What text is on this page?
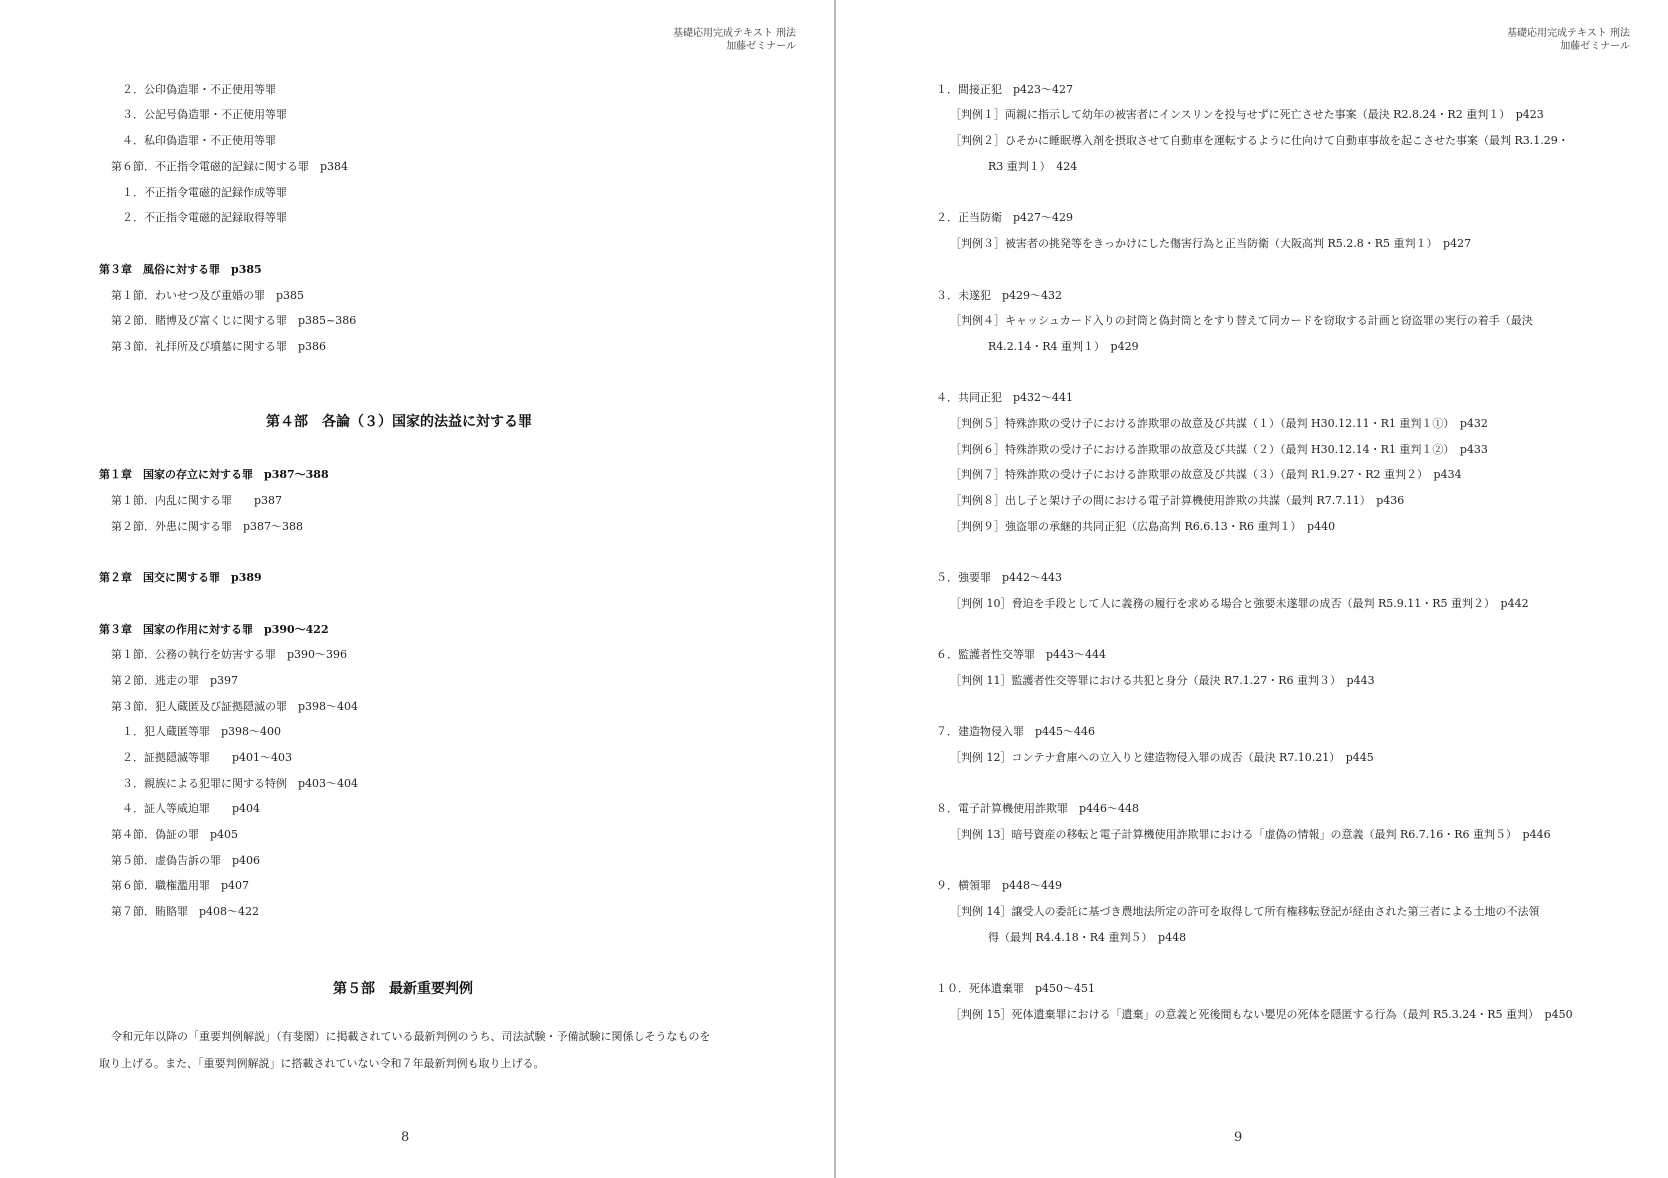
基礎応用完成テキスト 刑法
加藤ゼミナール
２．公印偽造罪・不正使用等罪
３．公記号偽造罪・不正使用等罪
４．私印偽造罪・不正使用等罪
第６節．不正指令電磁的記録に関する罪　p384
１．不正指令電磁的記録作成等罪
２．不正指令電磁的記録取得等罪
第３章　風俗に対する罪　p385
第１節．わいせつ及び重婚の罪　p385
第２節．賭博及び富くじに関する罪　p385~386
第３節．礼拝所及び墳墓に関する罪　p386
第４部　各論（３）国家的法益に対する罪
第１章　国家の存立に対する罪　p387～388
第１節．内乱に関する罪　　p387
第２節．外患に関する罪　p387～388
第２章　国交に関する罪　p389
第３章　国家の作用に対する罪　p390～422
第１節．公務の執行を妨害する罪　p390～396
第２節．逃走の罪　p397
第３節．犯人蔵匿及び証拠隠滅の罪　p398～404
１．犯人蔵匿等罪　p398～400
２．証拠隠滅等罪　　p401～403
３．親族による犯罪に関する特例　p403～404
４．証人等威迫罪　　p404
第４節．偽証の罪　p405
第５節．虚偽告訴の罪　p406
第６節．職権濫用罪　p407
第７節．賄賂罪　p408～422
第５部　最新重要判例
令和元年以降の「重要判例解説」（有斐閣）に掲載されている最新判例のうち、司法試験・予備試験に関係しそうなものを
取り上げる。また、「重要判例解説」に搭載されていない令和７年最新判例も取り上げる。
8
基礎応用完成テキスト 刑法
加藤ゼミナール
１．間接正犯　p423～427
［判例１］両親に指示して幼年の被害者にインスリンを投与せずに死亡させた事案（最決 R2.8.24・R2 重判１）　p423
［判例２］ひそかに睡眠導入剤を摂取させて自動車を運転するように仕向けて自動車事故を起こさせた事案（最判 R3.1.29・
R3 重判１）　424
２．正当防衛　p427～429
［判例３］被害者の挑発等をきっかけにした傷害行為と正当防衛（大阪高判 R5.2.8・R5 重判１）　p427
３．未遂犯　p429～432
［判例４］キャッシュカード入りの封筒と偽封筒とをすり替えて同カードを窃取する計画と窃盗罪の実行の着手（最決
R4.2.14・R4 重判１）　p429
４．共同正犯　p432～441
［判例５］特殊詐欺の受け子における詐欺罪の故意及び共謀（１）（最判 H30.12.11・R1 重判１①）　p432
［判例６］特殊詐欺の受け子における詐欺罪の故意及び共謀（２）（最判 H30.12.14・R1 重判１②）　p433
［判例７］特殊詐欺の受け子における詐欺罪の故意及び共謀（３）（最判 R1.9.27・R2 重判２）　p434
［判例８］出し子と架け子の間における電子計算機使用詐欺の共謀（最判 R7.7.11）　p436
［判例９］強盗罪の承継的共同正犯（広島高判 R6.6.13・R6 重判１）　p440
５．強要罪　p442～443
［判例 10］脅迫を手段として人に義務の履行を求める場合と強要未遂罪の成否（最判 R5.9.11・R5 重判２）　p442
６．監護者性交等罪　p443～444
［判例 11］監護者性交等罪における共犯と身分（最決 R7.1.27・R6 重判３）　p443
７．建造物侵入罪　p445～446
［判例 12］コンテナ倉庫への立入りと建造物侵入罪の成否（最決 R7.10.21）　p445
８．電子計算機使用詐欺罪　p446～448
［判例 13］暗号資産の移転と電子計算機使用詐欺罪における「虚偽の情報」の意義（最判 R6.7.16・R6 重判５）　p446
９．横領罪　p448～449
［判例 14］譲受人の委託に基づき農地法所定の許可を取得して所有権移転登記が経由された第三者による土地の不法領
得（最判 R4.4.18・R4 重判５）　p448
１０．死体遺棄罪　p450～451
［判例 15］死体遺棄罪における「遺棄」の意義と死後間もない嬰児の死体を隠匿する行為（最判 R5.3.24・R5 重判）　p450
9
